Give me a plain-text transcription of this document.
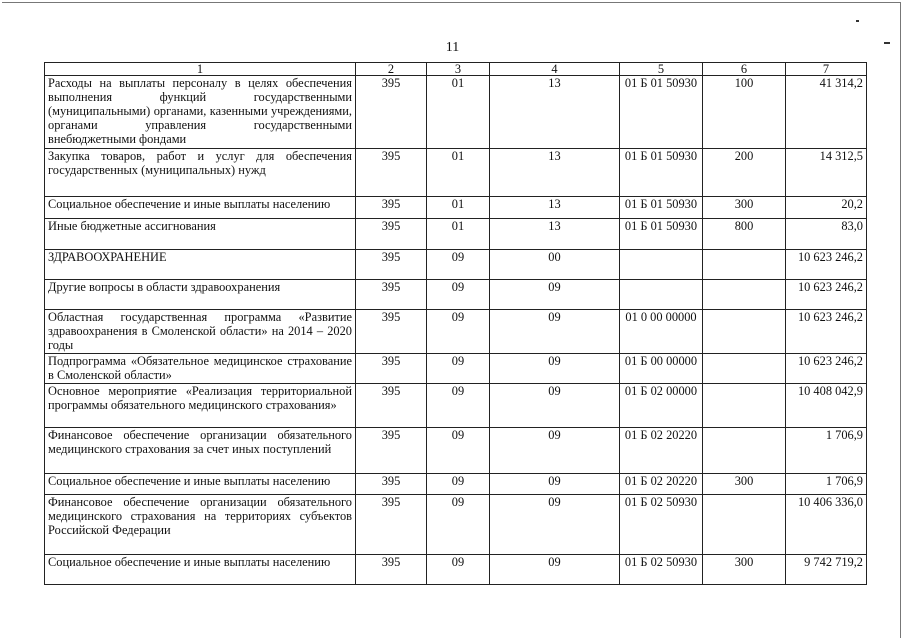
11
1	2	3	4	5	6	7
Расходы на выплаты персоналу в целях обеспечения выполнения функций государственными (муниципальными) органами, казенными учреждениями, органами управления государственными внебюджетными фондами	395	01	13	01 Б 01 50930	100	41 314,2
Закупка товаров, работ и услуг для обеспечения государственных (муниципальных) нужд	395	01	13	01 Б 01 50930	200	14 312,5
Социальное обеспечение и иные выплаты населению	395	01	13	01 Б 01 50930	300	20,2
Иные бюджетные ассигнования	395	01	13	01 Б 01 50930	800	83,0
ЗДРАВООХРАНЕНИЕ	395	09	00			10 623 246,2
Другие вопросы в области здравоохранения	395	09	09			10 623 246,2
Областная государственная программа «Развитие здравоохранения в Смоленской области» на 2014 – 2020 годы	395	09	09	01 0 00 00000		10 623 246,2
Подпрограмма «Обязательное медицинское страхование в Смоленской области»	395	09	09	01 Б 00 00000		10 623 246,2
Основное мероприятие «Реализация территориальной программы обязательного медицинского страхования»	395	09	09	01 Б 02 00000		10 408 042,9
Финансовое обеспечение организации обязательного медицинского страхования за счет иных поступлений	395	09	09	01 Б 02 20220		1 706,9
Социальное обеспечение и иные выплаты населению	395	09	09	01 Б 02 20220	300	1 706,9
Финансовое обеспечение организации обязательного медицинского страхования на территориях субъектов Российской Федерации	395	09	09	01 Б 02 50930		10 406 336,0
Социальное обеспечение и иные выплаты населению	395	09	09	01 Б 02 50930	300	9 742 719,2
